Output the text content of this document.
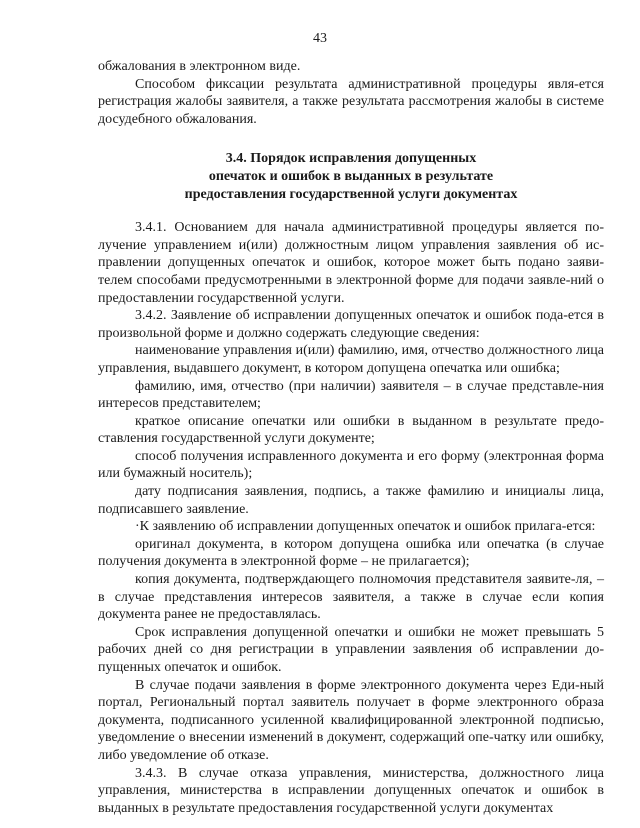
43

обжалования в электронном виде.

Способом фиксации результата административной процедуры явля-ется регистрация жалобы заявителя, а также результата рассмотрения жалобы в системе досудебного обжалования.

3.4. Порядок исправления допущенных
опечаток и ошибок в выданных в результате
предоставления государственной услуги документах

3.4.1. Основанием для начала административной процедуры является по-лучение управлением и(или) должностным лицом управления заявления об ис-правлении допущенных опечаток и ошибок, которое может быть подано заяви-телем способами предусмотренными в электронной форме для подачи заявле-ний о предоставлении государственной услуги.

3.4.2. Заявление об исправлении допущенных опечаток и ошибок пода-ется в произвольной форме и должно содержать следующие сведения:

наименование управления и(или) фамилию, имя, отчество должностного лица управления, выдавшего документ, в котором допущена опечатка или ошибка;

фамилию, имя, отчество (при наличии) заявителя – в случае представле-ния интересов представителем;

краткое описание опечатки или ошибки в выданном в результате предо-ставления государственной услуги документе;

способ получения исправленного документа и его форму (электронная форма или бумажный носитель);

дату подписания заявления, подпись, а также фамилию и инициалы лица, подписавшего заявление.

·К заявлению об исправлении допущенных опечаток и ошибок прилага-ется:

оригинал документа, в котором допущена ошибка или опечатка (в случае получения документа в электронной форме – не прилагается);

копия документа, подтверждающего полномочия представителя заявите-ля, – в случае представления интересов заявителя, а также в случае если копия документа ранее не предоставлялась.

Срок исправления допущенной опечатки и ошибки не может превышать 5 рабочих дней со дня регистрации в управлении заявления об исправлении до-пущенных опечаток и ошибок.

В случае подачи заявления в форме электронного документа через Еди-ный портал, Региональный портал заявитель получает в форме электронного образа документа, подписанного усиленной квалифицированной электронной подписью, уведомление о внесении изменений в документ, содержащий опе-чатку или ошибку, либо уведомление об отказе.

3.4.3. В случае отказа управления, министерства, должностного лица управления, министерства в исправлении допущенных опечаток и ошибок в выданных в результате предоставления государственной услуги документах
